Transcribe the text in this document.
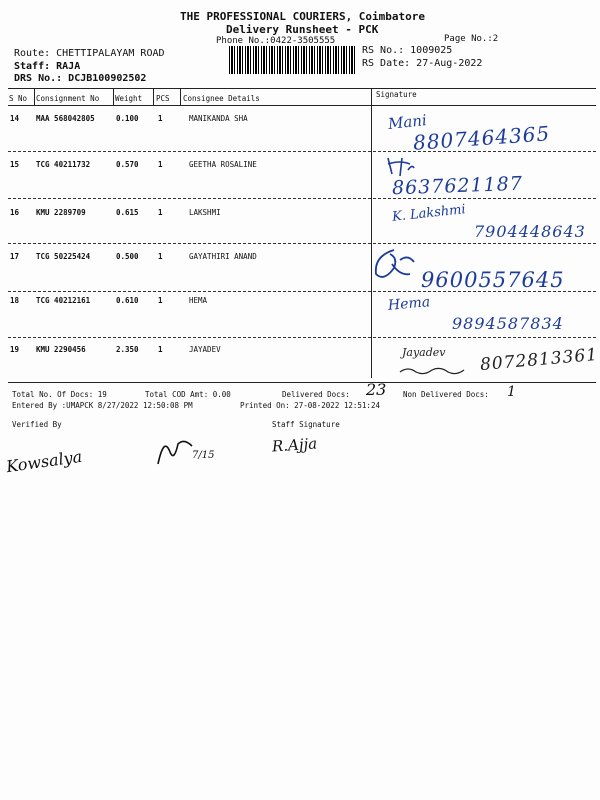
THE PROFESSIONAL COURIERS, Coimbatore
Delivery Runsheet - PCK
Phone No.:0422-3505555	Page No.:2
RS No.: 1009025
RS Date: 27-Aug-2022
Route: CHETTIPALAYAM ROAD
Staff: RAJA
DRS No.: DCJB100902502
S No Consignment No Weight PCS Consignee Details	Signature
14 MAA 568042805	0.100	1	MANIKANDA SHA	Mani
8807464365
15 TCG 40211732	0.570	1	GEETHA ROSALINE
8637621187
16 KMU 2289709	0.615	1	LAKSHMI	K. Lakshmi
7904448643
17 TCG 50225424	0.500	1	GAYATHIRI ANAND
9600557645
18 TCG 40212161	0.610	1	HEMA	Hema
9894587834
19 KMU 2290456	2.350	1	JAYADEV	Jayadev 8072813361
Total No. Of Docs: 19	Total COD Amt: 0.00	Delivered Docs: 23 Non Delivered Docs: 1
Entered By :UMAPCK 8/27/2022 12:50:08 PM	Printed On: 27-08-2022 12:51:24
Verified By	Staff Signature
Kowsalya	7/15	R.Ajja
